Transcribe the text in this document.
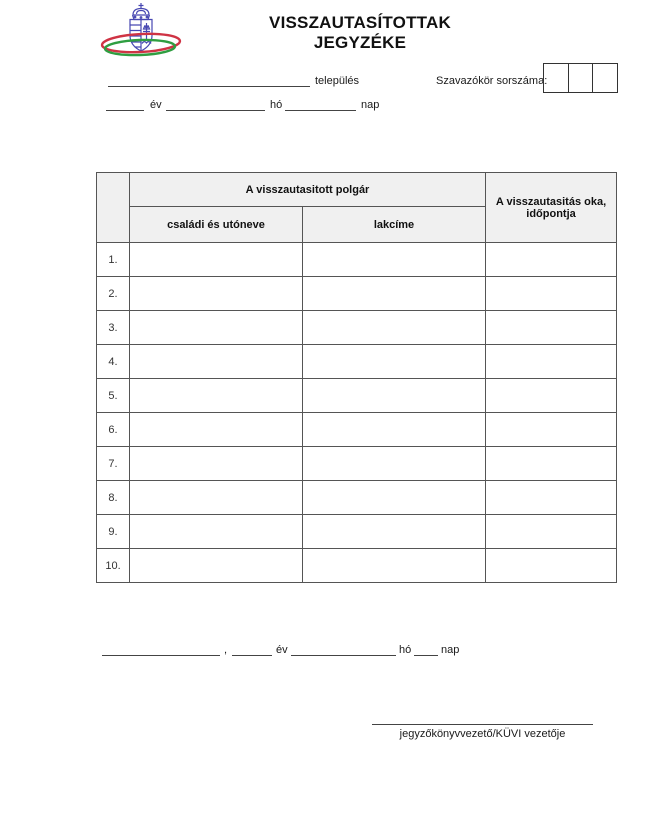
VISSZAUTASÍTOTTAK
JEGYZÉKE
település	Szavazókör sorszáma:
év	hó	nap
	A visszautasitott polgár		A visszautasitás oka, időpontja
	családi és utóneve	lakcíme	
1.			
2.			
3.			
4.			
5.			
6.			
7.			
8.			
9.			
10.			
,	év	hó	nap
jegyzőkönyvvezető/KÜVI vezetője
